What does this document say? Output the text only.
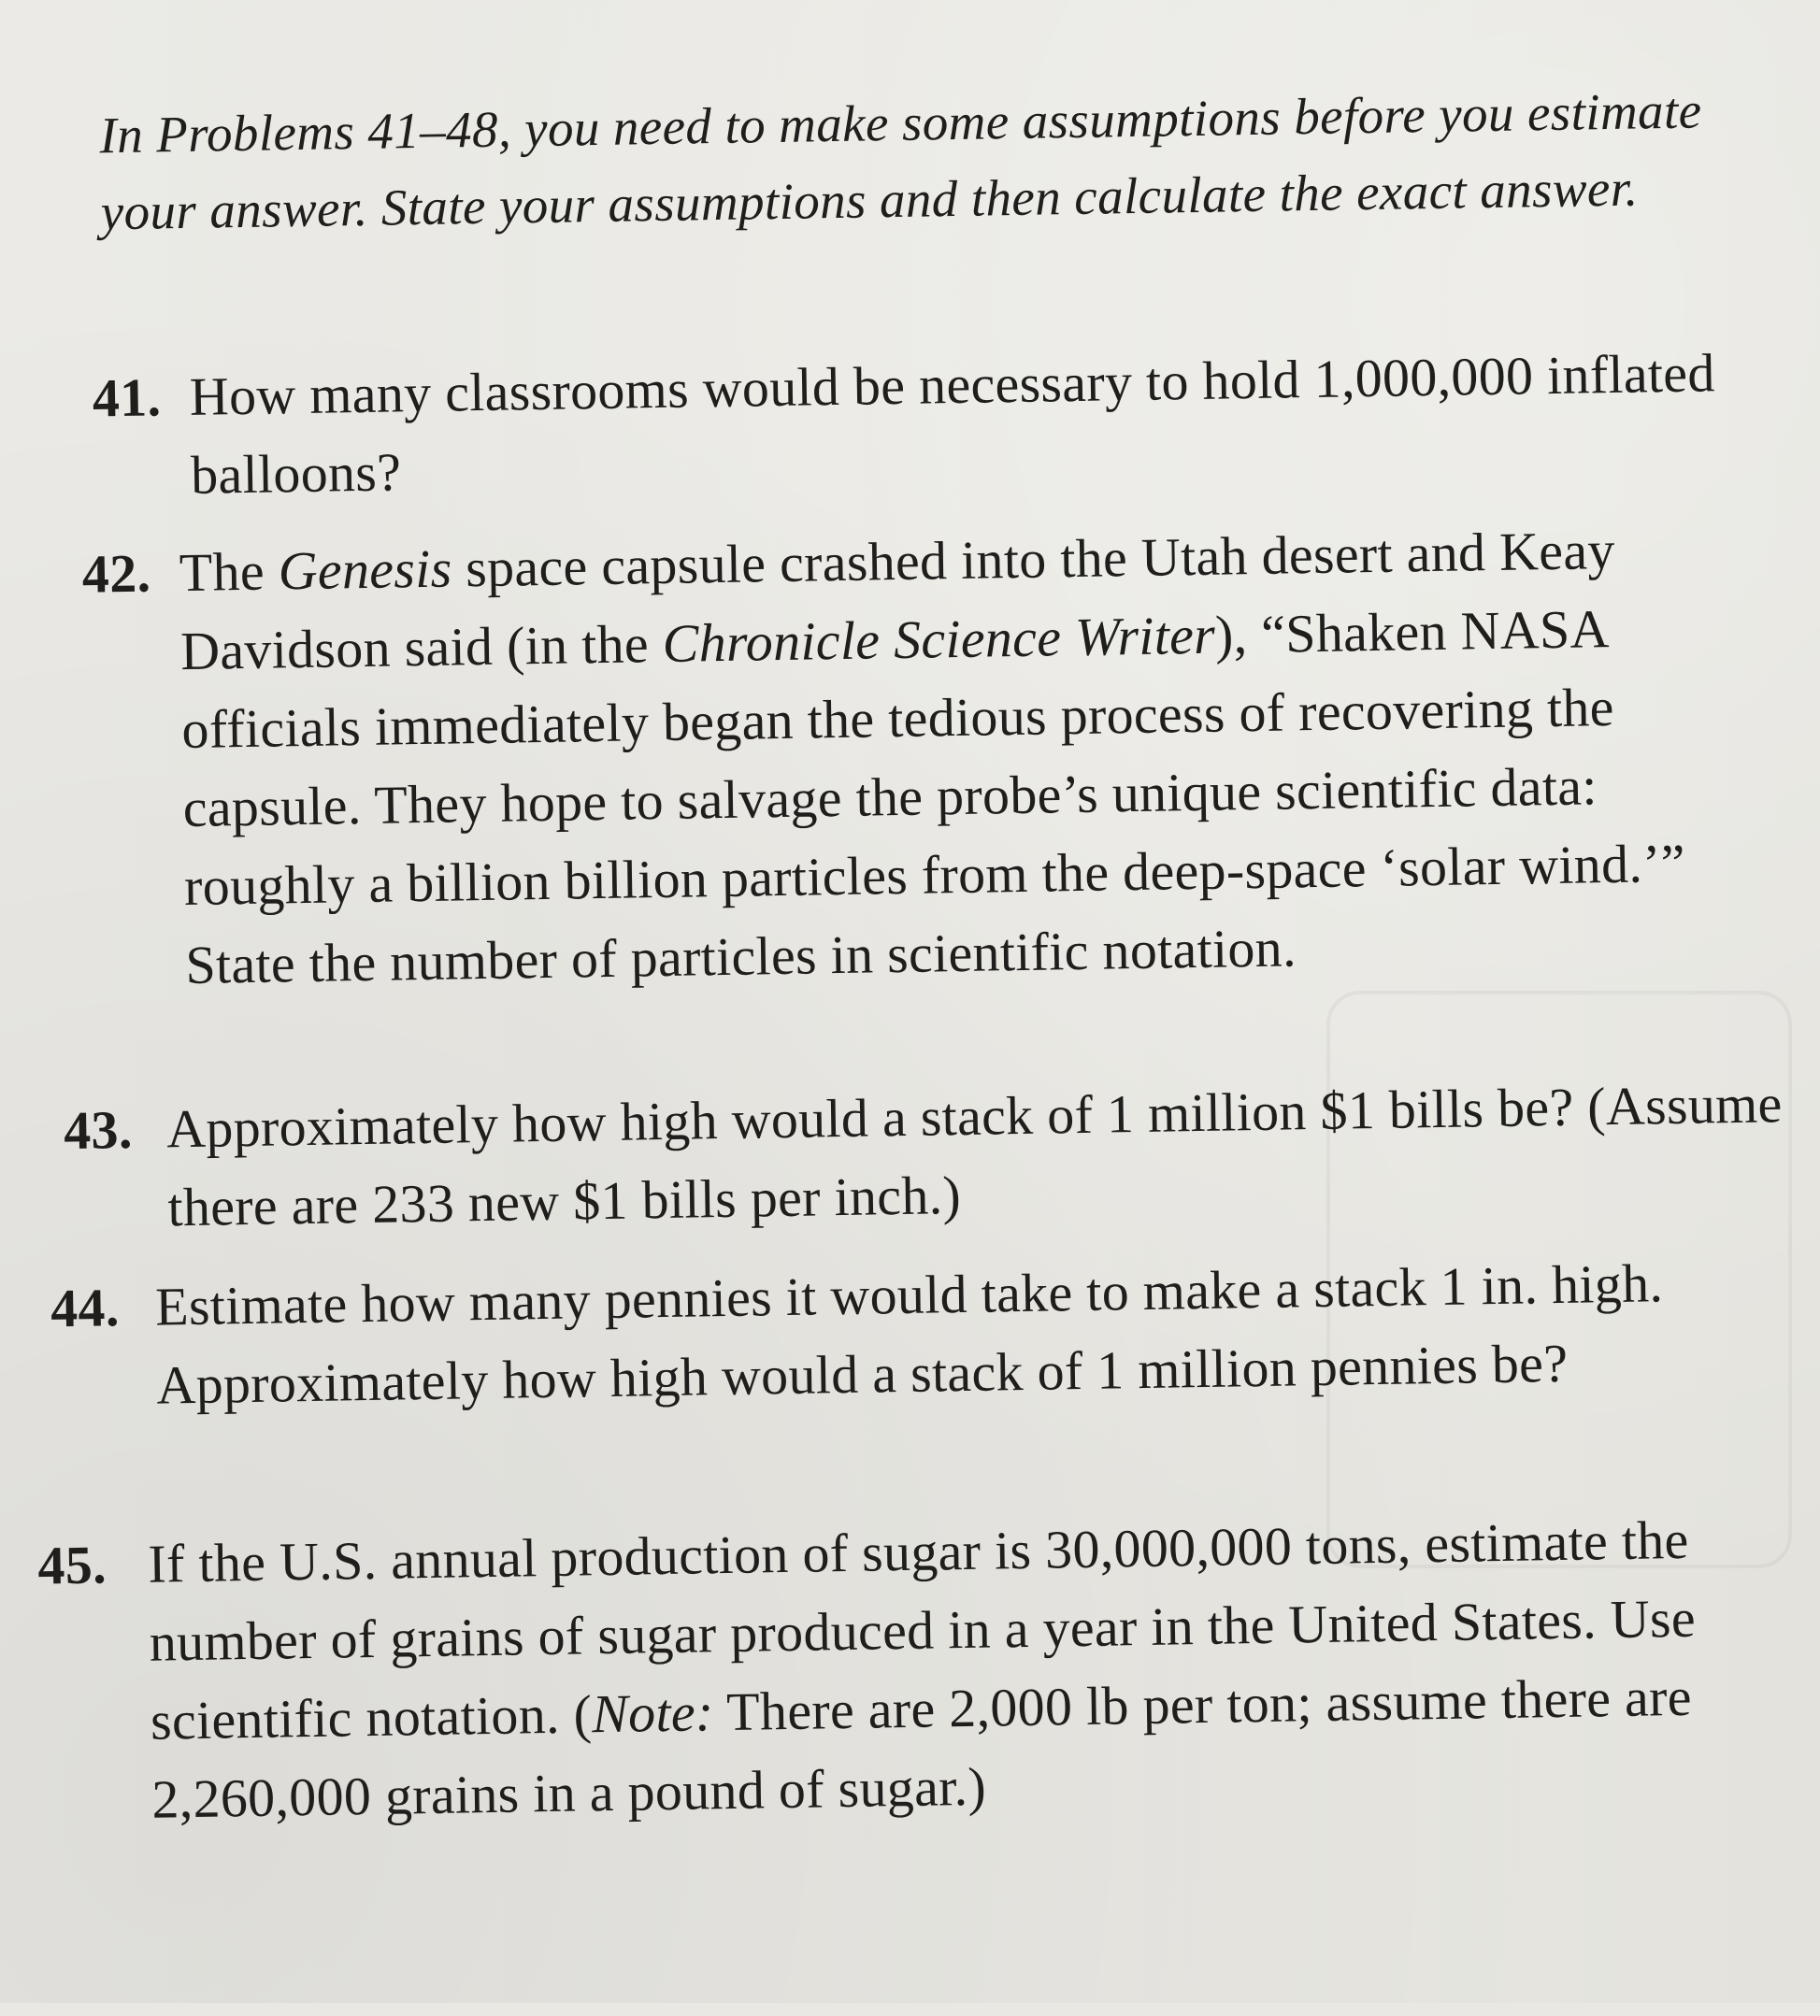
In Problems 41–48, you need to make some assumptions before you estimate your answer. State your assumptions and then calculate the exact answer.

41. How many classrooms would be necessary to hold 1,000,000 inflated balloons?

42. The Genesis space capsule crashed into the Utah desert and Keay Davidson said (in the Chronicle Science Writer), “Shaken NASA officials immediately began the tedious process of recovering the capsule. They hope to salvage the probe’s unique scientific data: roughly a billion billion particles from the deep-space ‘solar wind.’” State the number of particles in scientific notation.

43. Approximately how high would a stack of 1 million $1 bills be? (Assume there are 233 new $1 bills per inch.)

44. Estimate how many pennies it would take to make a stack 1 in. high. Approximately how high would a stack of 1 million pennies be?

45. If the U.S. annual production of sugar is 30,000,000 tons, estimate the number of grains of sugar produced in a year in the United States. Use scientific notation. (Note: There are 2,000 lb per ton; assume there are 2,260,000 grains in a pound of sugar.)
